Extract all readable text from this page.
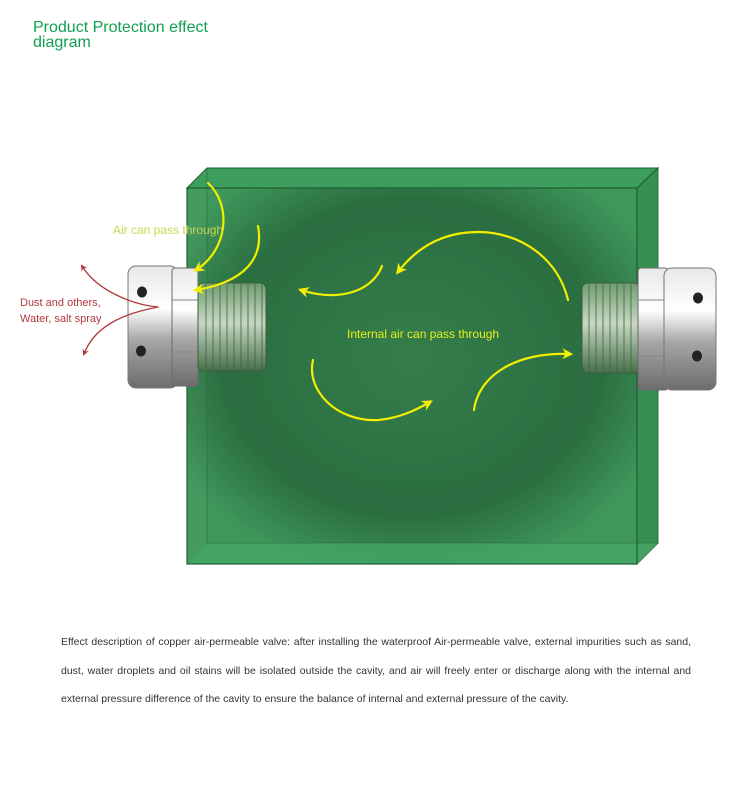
Product Protection effect
diagram
Air can pass through
Dust and others,
Water, salt spray
Internal air can pass through
Effect description of copper air-permeable valve: after installing the waterproof Air-permeable valve, external impurities such as sand, dust, water droplets and oil stains will be isolated outside the cavity, and air will freely enter or discharge along with the internal and external pressure difference of the cavity to ensure the balance of internal and external pressure of the cavity.
